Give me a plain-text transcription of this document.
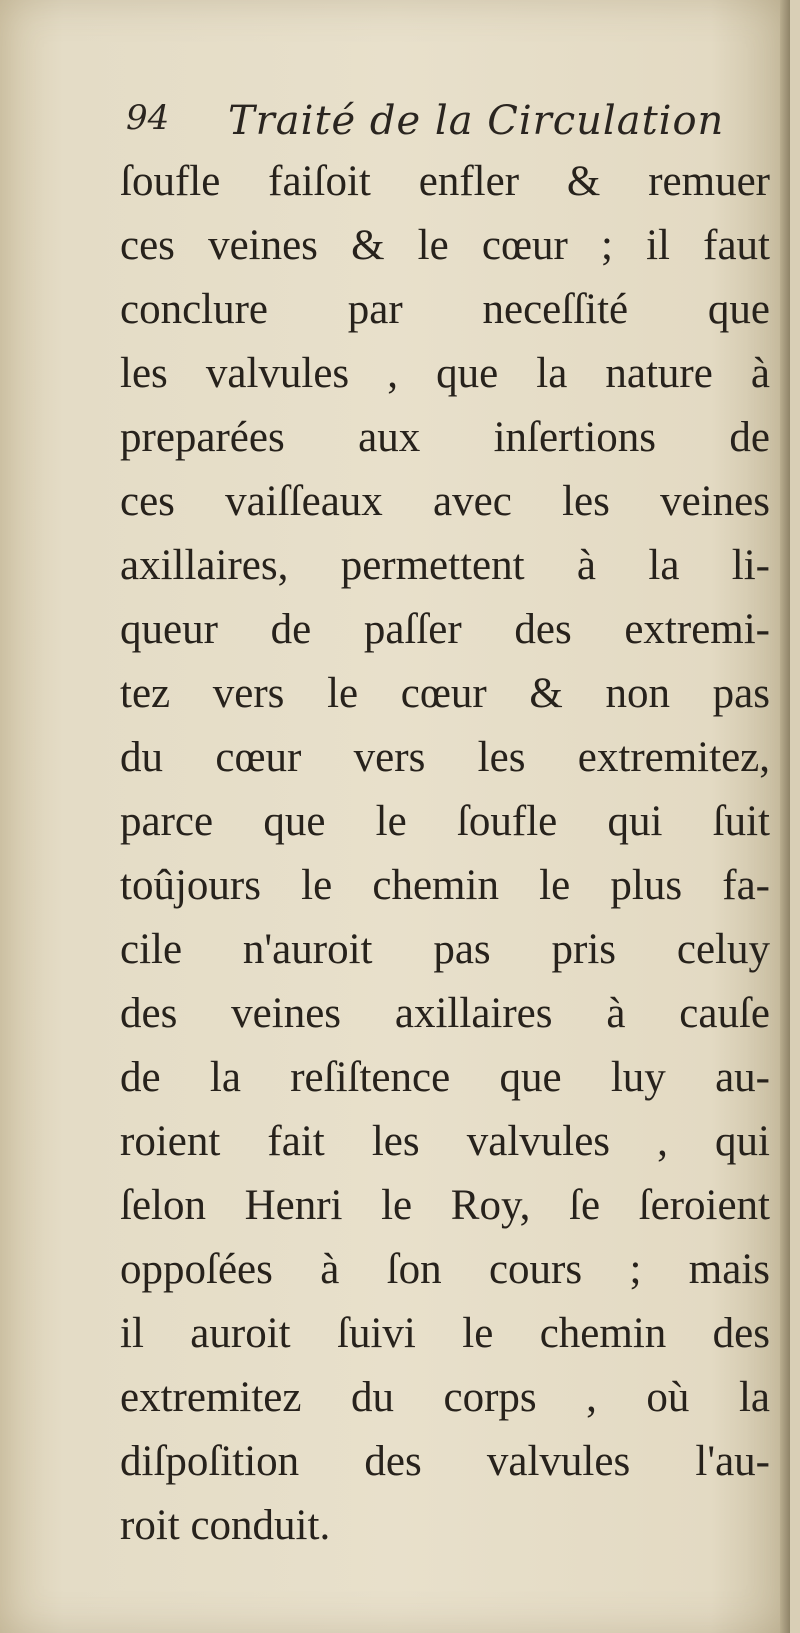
94 Traité de la Circulation
ſoufle faiſoit enfler & remuer
ces veines & le cœur ; il faut
conclure par neceſſité que
les valvules , que la nature à
preparées aux inſertions de
ces vaiſſeaux avec les veines
axillaires, permettent à la li-
queur de paſſer des extremi-
tez vers le cœur & non pas
du cœur vers les extremitez,
parce que le ſoufle qui ſuit
toûjours le chemin le plus fa-
cile n'auroit pas pris celuy
des veines axillaires à cauſe
de la reſiſtence que luy au-
roient fait les valvules , qui
ſelon Henri le Roy, ſe ſeroient
oppoſées à ſon cours ; mais
il auroit ſuivi le chemin des
extremitez du corps , où la
diſpoſition des valvules l'au-
roit conduit.
